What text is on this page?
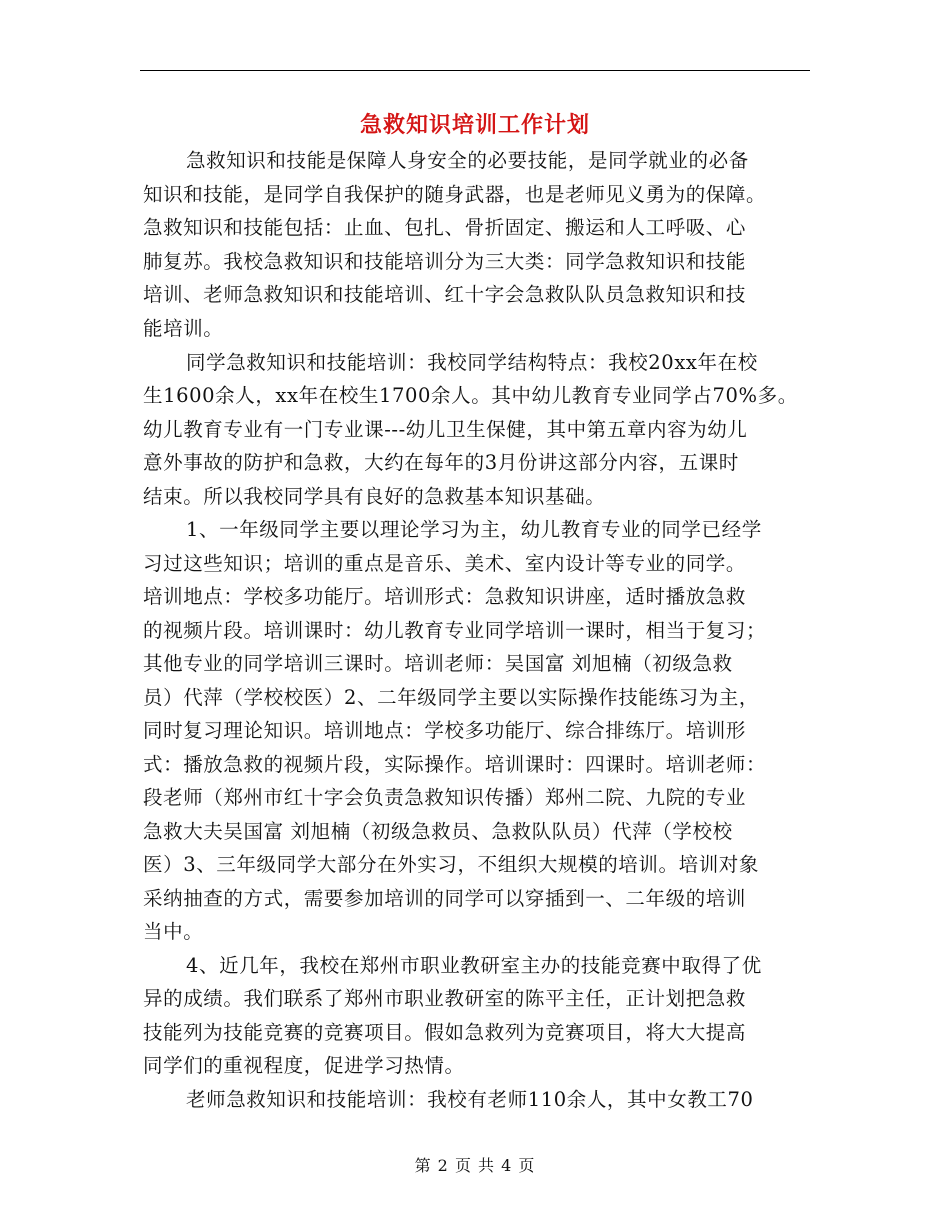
急救知识培训工作计划
急救知识和技能是保障人身安全的必要技能，是同学就业的必备
知识和技能，是同学自我保护的随身武器，也是老师见义勇为的保障。
急救知识和技能包括：止血、包扎、骨折固定、搬运和人工呼吸、心
肺复苏。我校急救知识和技能培训分为三大类：同学急救知识和技能
培训、老师急救知识和技能培训、红十字会急救队队员急救知识和技
能培训。
同学急救知识和技能培训：我校同学结构特点：我校20xx年在校
生1600余人，xx年在校生1700余人。其中幼儿教育专业同学占70%多。
幼儿教育专业有一门专业课---幼儿卫生保健，其中第五章内容为幼儿
意外事故的防护和急救，大约在每年的3月份讲这部分内容，五课时
结束。所以我校同学具有良好的急救基本知识基础。
1、一年级同学主要以理论学习为主，幼儿教育专业的同学已经学
习过这些知识；培训的重点是音乐、美术、室内设计等专业的同学。
培训地点：学校多功能厅。培训形式：急救知识讲座，适时播放急救
的视频片段。培训课时：幼儿教育专业同学培训一课时，相当于复习；
其他专业的同学培训三课时。培训老师：吴国富 刘旭楠（初级急救
员）代萍（学校校医）2、二年级同学主要以实际操作技能练习为主，
同时复习理论知识。培训地点：学校多功能厅、综合排练厅。培训形
式：播放急救的视频片段，实际操作。培训课时：四课时。培训老师：
段老师（郑州市红十字会负责急救知识传播）郑州二院、九院的专业
急救大夫吴国富 刘旭楠（初级急救员、急救队队员）代萍（学校校
医）3、三年级同学大部分在外实习，不组织大规模的培训。培训对象
采纳抽查的方式，需要参加培训的同学可以穿插到一、二年级的培训
当中。
4、近几年，我校在郑州市职业教研室主办的技能竞赛中取得了优
异的成绩。我们联系了郑州市职业教研室的陈平主任，正计划把急救
技能列为技能竞赛的竞赛项目。假如急救列为竞赛项目，将大大提高
同学们的重视程度，促进学习热情。
老师急救知识和技能培训：我校有老师110余人，其中女教工70
第 2 页 共 4 页
